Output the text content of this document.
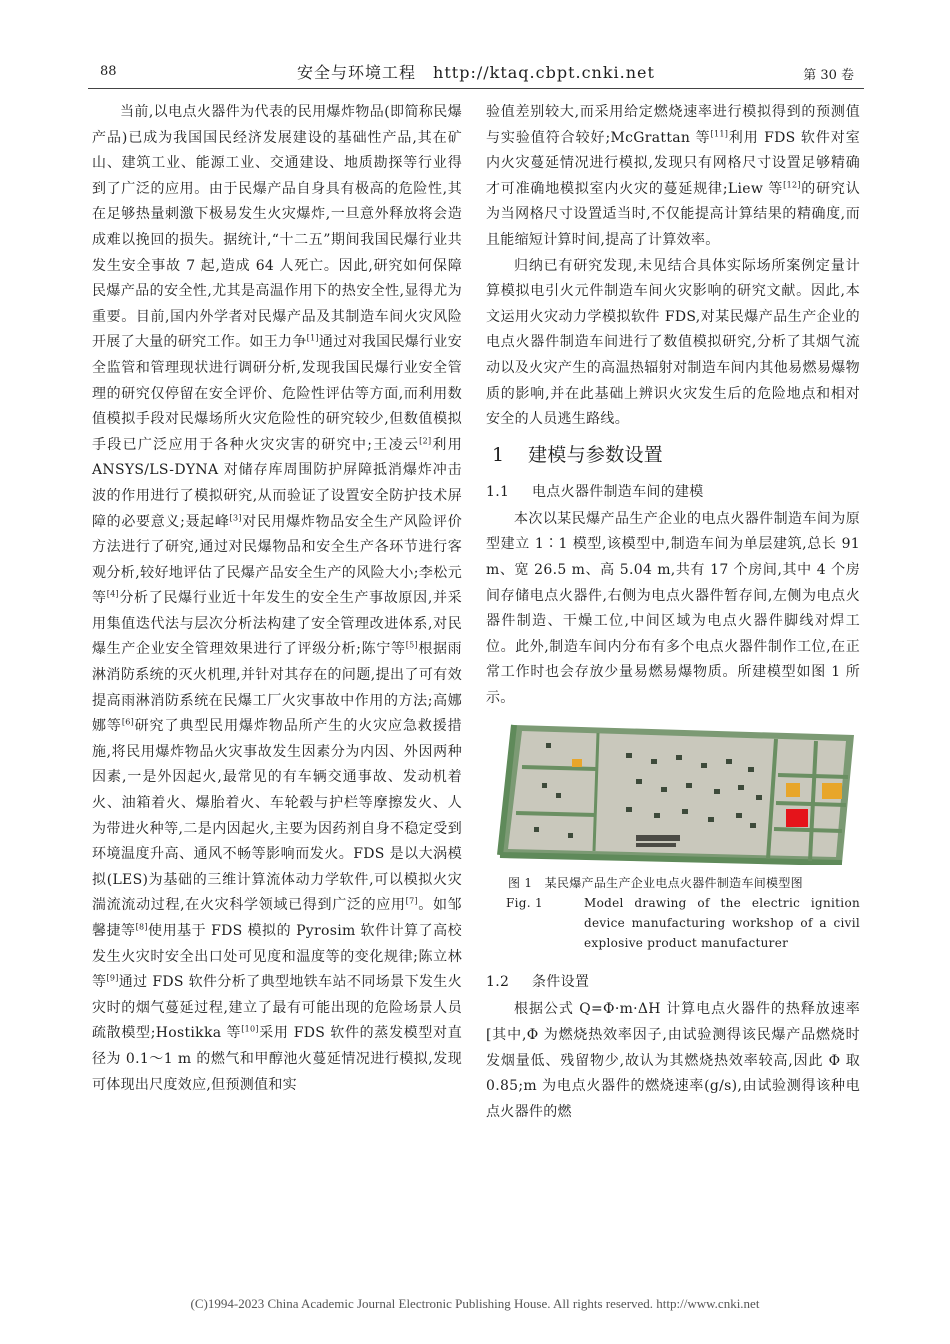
88	安全与环境工程　http://ktaq.cbpt.cnki.net	第 30 卷

当前,以电点火器件为代表的民用爆炸物品(即简称民爆产品)已成为我国国民经济发展建设的基础性产品,其在矿山、建筑工业、能源工业、交通建设、地质勘探等行业得到了广泛的应用。由于民爆产品自身具有极高的危险性,其在足够热量刺激下极易发生火灾爆炸,一旦意外释放将会造成难以挽回的损失。据统计,“十二五”期间我国民爆行业共发生安全事故 7 起,造成 64 人死亡。因此,研究如何保障民爆产品的安全性,尤其是高温作用下的热安全性,显得尤为重要。目前,国内外学者对民爆产品及其制造车间火灾风险开展了大量的研究工作。如王力争[1]通过对我国民爆行业安全监管和管理现状进行调研分析,发现我国民爆行业安全管理的研究仅停留在安全评价、危险性评估等方面,而利用数值模拟手段对民爆场所火灾危险性的研究较少,但数值模拟手段已广泛应用于各种火灾灾害的研究中;王凌云[2]利用 ANSYS/LS-DYNA 对储存库周围防护屏障抵消爆炸冲击波的作用进行了模拟研究,从而验证了设置安全防护技术屏障的必要意义;聂起峰[3]对民用爆炸物品安全生产风险评价方法进行了研究,通过对民爆物品和安全生产各环节进行客观分析,较好地评估了民爆产品安全生产的风险大小;李松元等[4]分析了民爆行业近十年发生的安全生产事故原因,并采用集值迭代法与层次分析法构建了安全管理改进体系,对民爆生产企业安全管理效果进行了评级分析;陈宁等[5]根据雨淋消防系统的灭火机理,并针对其存在的问题,提出了可有效提高雨淋消防系统在民爆工厂火灾事故中作用的方法;高娜娜等[6]研究了典型民用爆炸物品所产生的火灾应急救援措施,将民用爆炸物品火灾事故发生因素分为内因、外因两种因素,一是外因起火,最常见的有车辆交通事故、发动机着火、油箱着火、爆胎着火、车轮毂与护栏等摩擦发火、人为带进火种等,二是内因起火,主要为因药剂自身不稳定受到环境温度升高、通风不畅等影响而发火。FDS 是以大涡模拟(LES)为基础的三维计算流体动力学软件,可以模拟火灾湍流流动过程,在火灾科学领域已得到广泛的应用[7]。如邹馨捷等[8]使用基于 FDS 模拟的 Pyrosim 软件计算了高校发生火灾时安全出口处可见度和温度等的变化规律;陈立林等[9]通过 FDS 软件分析了典型地铁车站不同场景下发生火灾时的烟气蔓延过程,建立了最有可能出现的危险场景人员疏散模型;Hostikka 等[10]采用 FDS 软件的蒸发模型对直径为 0.1～1 m 的燃气和甲醇池火蔓延情况进行模拟,发现可体现出尺度效应,但预测值和实

验值差别较大,而采用给定燃烧速率进行模拟得到的预测值与实验值符合较好;McGrattan 等[11]利用 FDS 软件对室内火灾蔓延情况进行模拟,发现只有网格尺寸设置足够精确才可准确地模拟室内火灾的蔓延规律;Liew 等[12]的研究认为当网格尺寸设置适当时,不仅能提高计算结果的精确度,而且能缩短计算时间,提高了计算效率。

归纳已有研究发现,未见结合具体实际场所案例定量计算模拟电引火元件制造车间火灾影响的研究文献。因此,本文运用火灾动力学模拟软件 FDS,对某民爆产品生产企业的电点火器件制造车间进行了数值模拟研究,分析了其烟气流动以及火灾产生的高温热辐射对制造车间内其他易燃易爆物质的影响,并在此基础上辨识火灾发生后的危险地点和相对安全的人员逃生路线。

1 建模与参数设置
1.1 电点火器件制造车间的建模

本次以某民爆产品生产企业的电点火器件制造车间为原型建立 1∶1 模型,该模型中,制造车间为单层建筑,总长 91 m、宽 26.5 m、高 5.04 m,共有 17 个房间,其中 4 个房间存储电点火器件,右侧为电点火器件暂存间,左侧为电点火器件制造、干燥工位,中间区域为电点火器件脚线对焊工位。此外,制造车间内分布有多个电点火器件制作工位,在正常工作时也会存放少量易燃易爆物质。所建模型如图 1 所示。

图 1　某民爆产品生产企业电点火器件制造车间模型图
Fig. 1	Model drawing of the electric ignition device manufacturing workshop of a civil explosive product manufacturer
1.2 条件设置

根据公式 Q=Φ·m·ΔH 计算电点火器件的热释放速率[其中,Φ 为燃烧热效率因子,由试验测得该民爆产品燃烧时发烟量低、残留物少,故认为其燃烧热效率较高,因此 Φ 取 0.85;m 为电点火器件的燃烧速率(g/s),由试验测得该种电点火器件的燃

(C)1994-2023 China Academic Journal Electronic Publishing House. All rights reserved. http://www.cnki.net
